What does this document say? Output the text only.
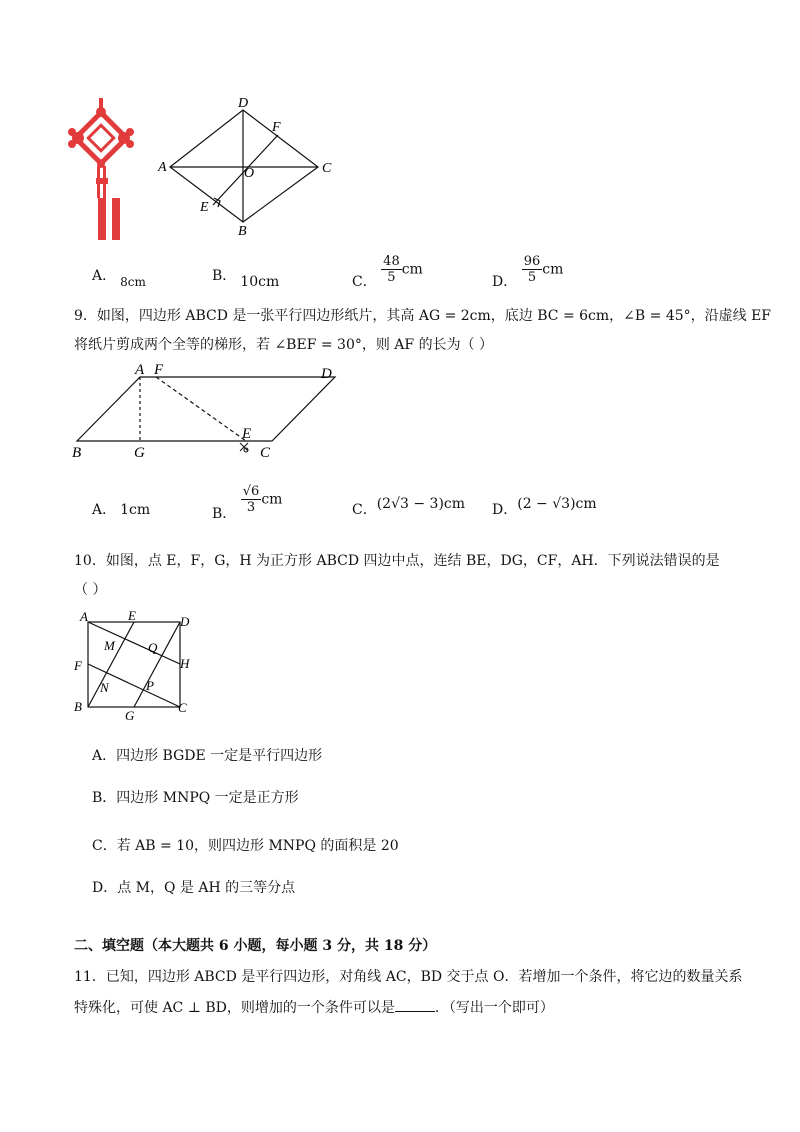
D
F
A	O	C
E
B
A． 8cm	B． 10cm	C． $\frac{48}{5}$ cm
D． $\frac{96}{5}$ cm
9．如图，四边形 ABCD 是一张平行四边形纸片，其高 AG = 2cm，底边 BC = 6cm，∠B = 45°，沿虚线 EF
将纸片剪成两个全等的梯形，若 ∠BEF = 30°，则 AF 的长为（ ）
A F	D
B	G
E
C
A． 1cm	B． $\frac{√6}{3}$ cm
C．(2√3 − 3)cm D．(2 − √3)cm
10．如图，点 E，F，G，H 为正方形 ABCD 四边中点，连结 BE，DG，CF，AH．下列说法错误的是
（ ）
A	E	D
M	Q
F	H
N	P
B
G
C
A．四边形 BGDE 一定是平行四边形
B．四边形 MNPQ 一定是正方形
C．若 AB = 10，则四边形 MNPQ 的面积是 20
D．点 M，Q 是 AH 的三等分点
二、填空题（本大题共 6 小题，每小题 3 分，共 18 分）
11．已知，四边形 ABCD 是平行四边形，对角线 AC，BD 交于点 O．若增加一个条件，将它边的数量关系
特殊化，可使 AC ⊥ BD，则增加的一个条件可以是	．（写出一个即可）
